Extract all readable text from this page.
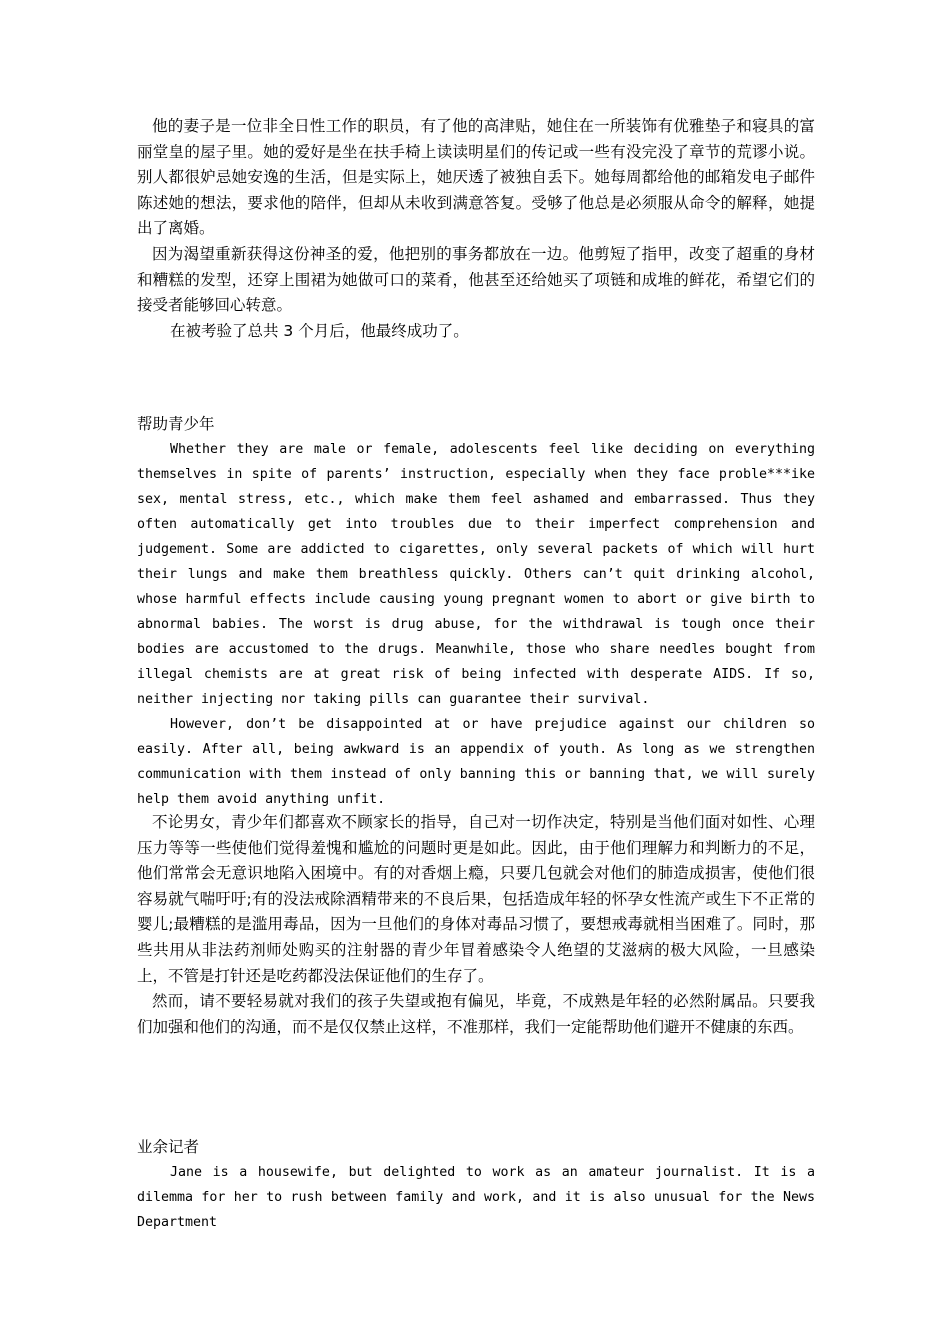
他的妻子是一位非全日性工作的职员，有了他的高津贴，她住在一所装饰有优雅垫子和寝具的富丽堂皇的屋子里。她的爱好是坐在扶手椅上读读明星们的传记或一些有没完没了章节的荒谬小说。别人都很妒忌她安逸的生活，但是实际上，她厌透了被独自丢下。她每周都给他的邮箱发电子邮件陈述她的想法，要求他的陪伴，但却从未收到满意答复。受够了他总是必须服从命令的解释，她提出了离婚。

因为渴望重新获得这份神圣的爱，他把别的事务都放在一边。他剪短了指甲，改变了超重的身材和糟糕的发型，还穿上围裙为她做可口的菜肴，他甚至还给她买了项链和成堆的鲜花，希望它们的接受者能够回心转意。

在被考验了总共 3 个月后，他最终成功了。

帮助青少年

Whether they are male or female, adolescents feel like deciding on everything themselves in spite of parents’ instruction, especially when they face proble***ike sex, mental stress, etc., which make them feel ashamed and embarrassed. Thus they often automatically get into troubles due to their imperfect comprehension and judgement. Some are addicted to cigarettes, only several packets of which will hurt their lungs and make them breathless quickly. Others can’t quit drinking alcohol, whose harmful effects include causing young pregnant women to abort or give birth to abnormal babies. The worst is drug abuse, for the withdrawal is tough once their bodies are accustomed to the drugs. Meanwhile, those who share needles bought from illegal chemists are at great risk of being infected with desperate AIDS. If so, neither injecting nor taking pills can guarantee their survival.

However, don’t be disappointed at or have prejudice against our children so easily. After all, being awkward is an appendix of youth. As long as we strengthen communication with them instead of only banning this or banning that, we will surely help them avoid anything unfit.

不论男女，青少年们都喜欢不顾家长的指导，自己对一切作决定，特别是当他们面对如性、心理压力等等一些使他们觉得羞愧和尴尬的问题时更是如此。因此，由于他们理解力和判断力的不足，他们常常会无意识地陷入困境中。有的对香烟上瘾，只要几包就会对他们的肺造成损害，使他们很容易就气喘吁吁;有的没法戒除酒精带来的不良后果，包括造成年轻的怀孕女性流产或生下不正常的婴儿;最糟糕的是滥用毒品，因为一旦他们的身体对毒品习惯了，要想戒毒就相当困难了。同时，那些共用从非法药剂师处购买的注射器的青少年冒着感染令人绝望的艾滋病的极大风险，一旦感染上，不管是打针还是吃药都没法保证他们的生存了。

然而，请不要轻易就对我们的孩子失望或抱有偏见，毕竟，不成熟是年轻的必然附属品。只要我们加强和他们的沟通，而不是仅仅禁止这样，不准那样，我们一定能帮助他们避开不健康的东西。

业余记者

Jane is a housewife, but delighted to work as an amateur journalist. It is a dilemma for her to rush between family and work, and it is also unusual for the News Department
